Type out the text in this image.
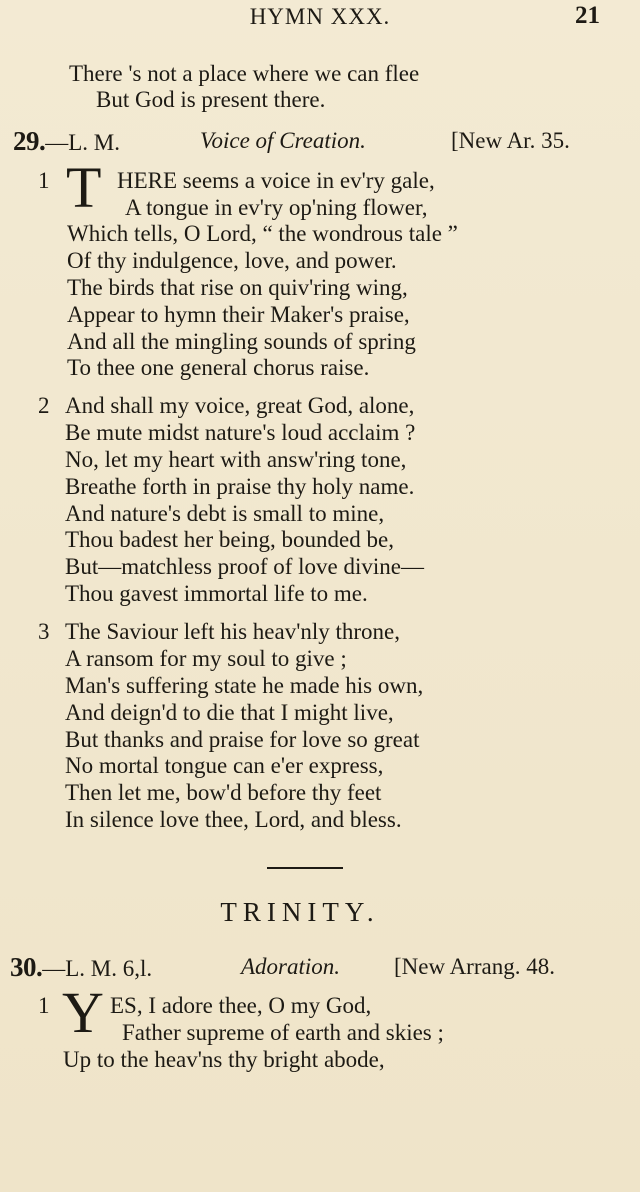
HYMN XXX.	21
There 's not a place where we can flee
But God is present there.
29.—L. M.	Voice of Creation.	[New Ar. 35.
1 T HERE seems a voice in ev'ry gale,
A tongue in ev'ry op'ning flower,
Which tells, O Lord, “ the wondrous tale ”
Of thy indulgence, love, and power.
The birds that rise on quiv'ring wing,
Appear to hymn their Maker's praise,
And all the mingling sounds of spring
To thee one general chorus raise.
2 And shall my voice, great God, alone,
Be mute midst nature's loud acclaim ?
No, let my heart with answ'ring tone,
Breathe forth in praise thy holy name.
And nature's debt is small to mine,
Thou badest her being, bounded be,
But—matchless proof of love divine—
Thou gavest immortal life to me.
3 The Saviour left his heav'nly throne,
A ransom for my soul to give ;
Man's suffering state he made his own,
And deign'd to die that I might live,
But thanks and praise for love so great
No mortal tongue can e'er express,
Then let me, bow'd before thy feet
In silence love thee, Lord, and bless.
TRINITY.
30.—L. M. 6,l.	Adoration. [New Arrang. 48.
1 Y ES, I adore thee, O my God,
Father supreme of earth and skies ;
Up to the heav'ns thy bright abode,
